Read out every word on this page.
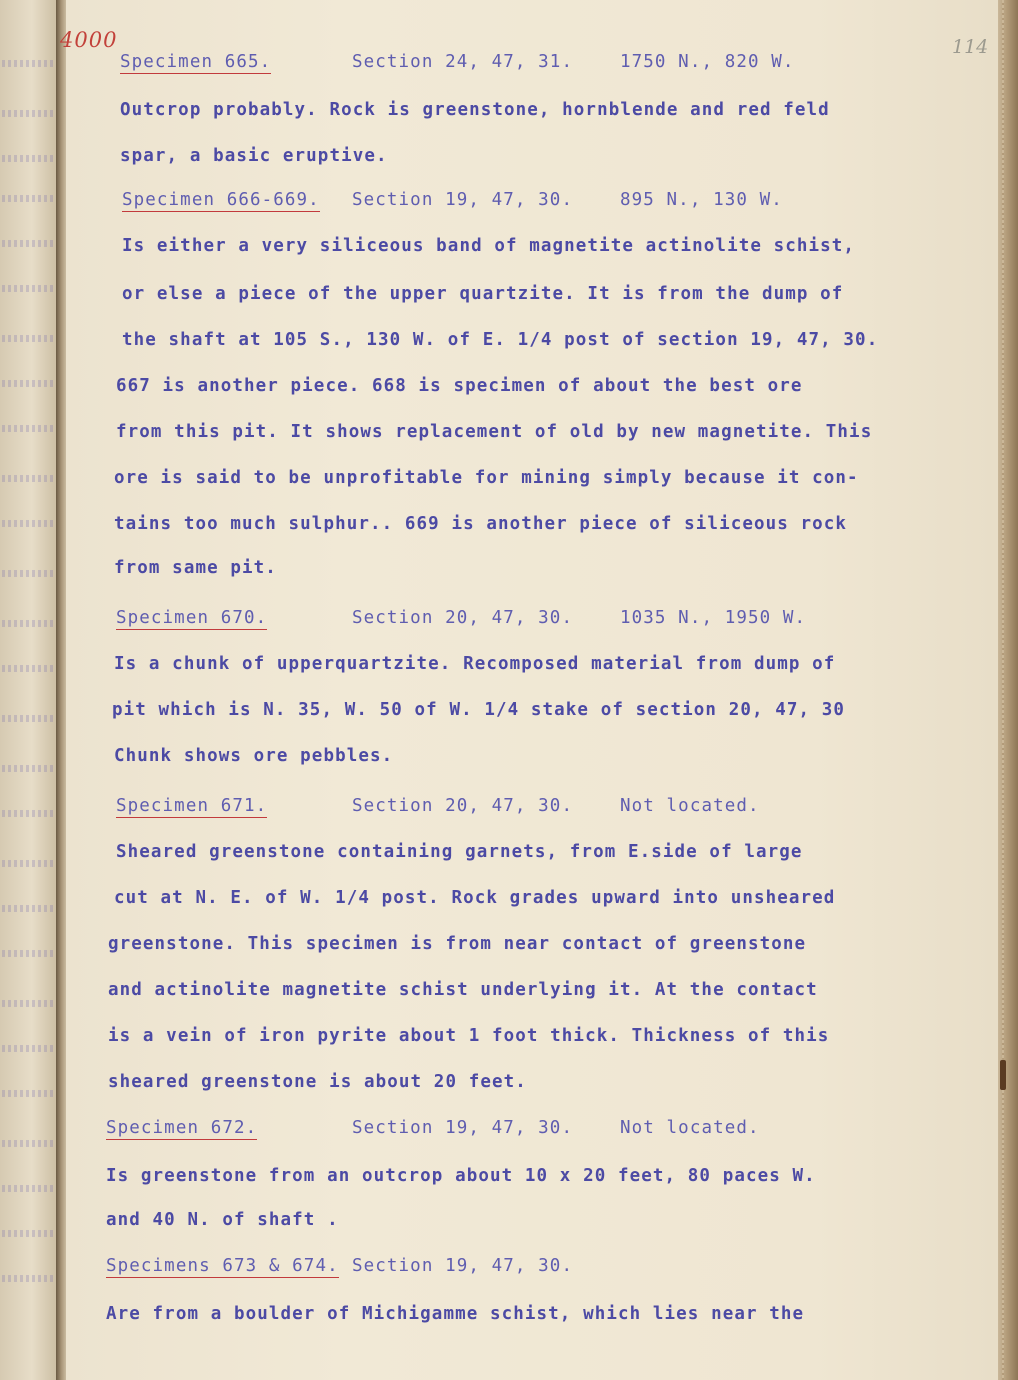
4000	114
Specimen 665.	Section 24, 47, 31.	1750 N., 820 W.
Outcrop probably. Rock is greenstone, hornblende and red feld
spar, a basic eruptive.
Specimen 666-669. Section 19, 47, 30.	895 N., 130 W.
Is either a very siliceous band of magnetite actinolite schist,
or else a piece of the upper quartzite. It is from the dump of
the shaft at 105 S., 130 W. of E. 1/4 post of section 19, 47, 30.
667 is another piece. 668 is specimen of about the best ore
from this pit. It shows replacement of old by new magnetite. This
ore is said to be unprofitable for mining simply because it con-
tains too much sulphur.. 669 is another piece of siliceous rock
from same pit.
Specimen 670.	Section 20, 47, 30.	1035 N., 1950 W.
Is a chunk of upperquartzite. Recomposed material from dump of
pit which is N. 35, W. 50 of W. 1/4 stake of section 20, 47, 30
Chunk shows ore pebbles.
Specimen 671.	Section 20, 47, 30.	Not located.
Sheared greenstone containing garnets, from E.side of large
cut at N. E. of W. 1/4 post. Rock grades upward into unsheared
greenstone. This specimen is from near contact of greenstone
and actinolite magnetite schist underlying it. At the contact
is a vein of iron pyrite about 1 foot thick. Thickness of this
sheared greenstone is about 20 feet.
Specimen 672.	Section 19, 47, 30.	Not located.
Is greenstone from an outcrop about 10 x 20 feet, 80 paces W.
and 40 N. of shaft .
Specimens 673 & 674. Section 19, 47, 30.
Are from a boulder of Michigamme schist, which lies near the
